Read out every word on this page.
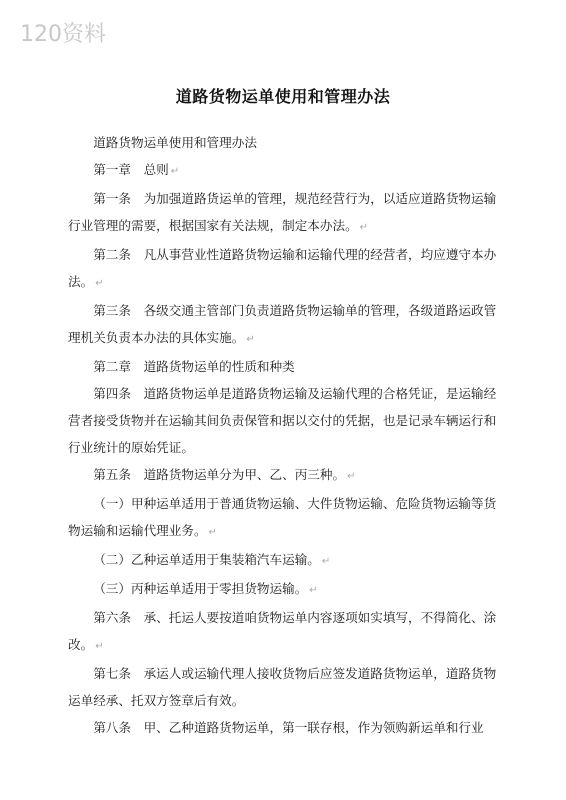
120资料
道路货物运单使用和管理办法

道路货物运单使用和管理办法

第一章　总则 ↵

第一条　为加强道路货运单的管理，规范经营行为，以适应道路货物运输行业管理的需要，根据国家有关法规，制定本办法。 ↵

第二条　凡从事营业性道路货物运输和运输代理的经营者，均应遵守本办法。 ↵

第三条　各级交通主管部门负责道路货物运输单的管理，各级道路运政管理机关负责本办法的具体实施。 ↵

第二章　道路货物运单的性质和种类

第四条　道路货物运单是道路货物运输及运输代理的合格凭证，是运输经营者接受货物并在运输其间负责保管和据以交付的凭据，也是记录车辆运行和行业统计的原始凭证。

第五条　道路货物运单分为甲、乙、丙三种。 ↵

（一）甲种运单适用于普通货物运输、大件货物运输、危险货物运输等货物运输和运输代理业务。 ↵

（二）乙种运单适用于集装箱汽车运输。 ↵

（三）丙种运单适用于零担货物运输。 ↵

第六条　承、托运人要按道咱货物运单内容逐项如实填写，不得简化、涂改。 ↵

第七条　承运人或运输代理人接收货物后应签发道路货物运单，道路货物运单经承、托双方签章后有效。

第八条　甲、乙种道路货物运单，第一联存根，作为领购新运单和行业
